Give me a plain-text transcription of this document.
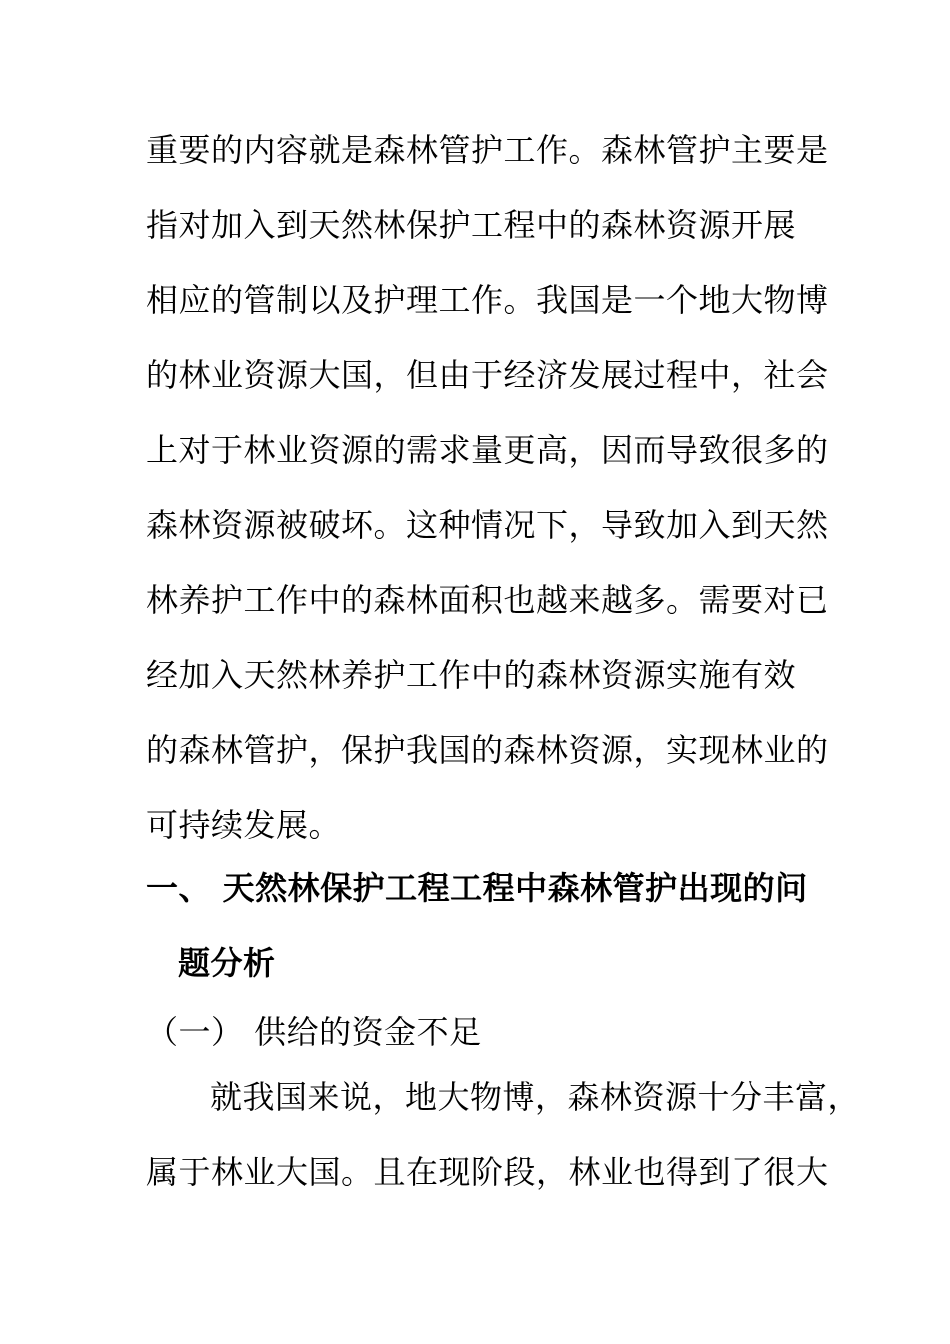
重要的内容就是森林管护工作。森林管护主要是
指对加入到天然林保护工程中的森林资源开展
相应的管制以及护理工作。我国是一个地大物博
的林业资源大国，但由于经济发展过程中，社会
上对于林业资源的需求量更高，因而导致很多的
森林资源被破坏。这种情况下，导致加入到天然
林养护工作中的森林面积也越来越多。需要对已
经加入天然林养护工作中的森林资源实施有效
的森林管护，保护我国的森林资源，实现林业的
可持续发展。
一、 天然林保护工程工程中森林管护出现的问
题分析
（一） 供给的资金不足
就我国来说，地大物博，森林资源十分丰富，
属于林业大国。且在现阶段，林业也得到了很大
